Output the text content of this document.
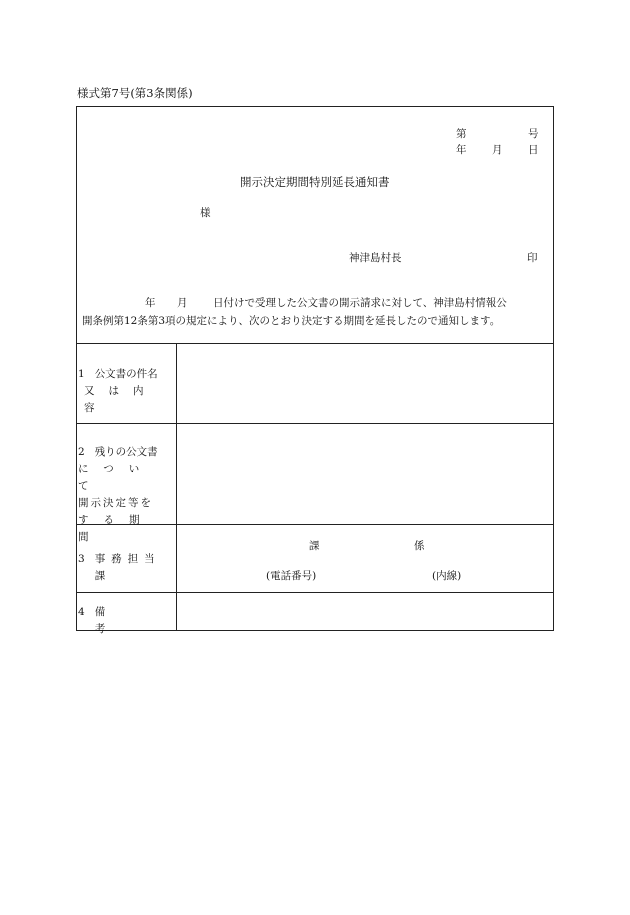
様式第7号(第3条関係)
第	号
年 月 日
開示決定期間特別延長通知書
様
神津島村長	印
年 月 日付けで受理した公文書の開示請求に対して、神津島村情報公
開条例第12条第3項の規定により、次のとおり決定する期間を延長したので通知します。
1 公文書の件名
又は内容
2 残りの公文書
について
開示決定等を
する期間
3 事務担当課
課	係
(電話番号)	(内線)
4 備考
